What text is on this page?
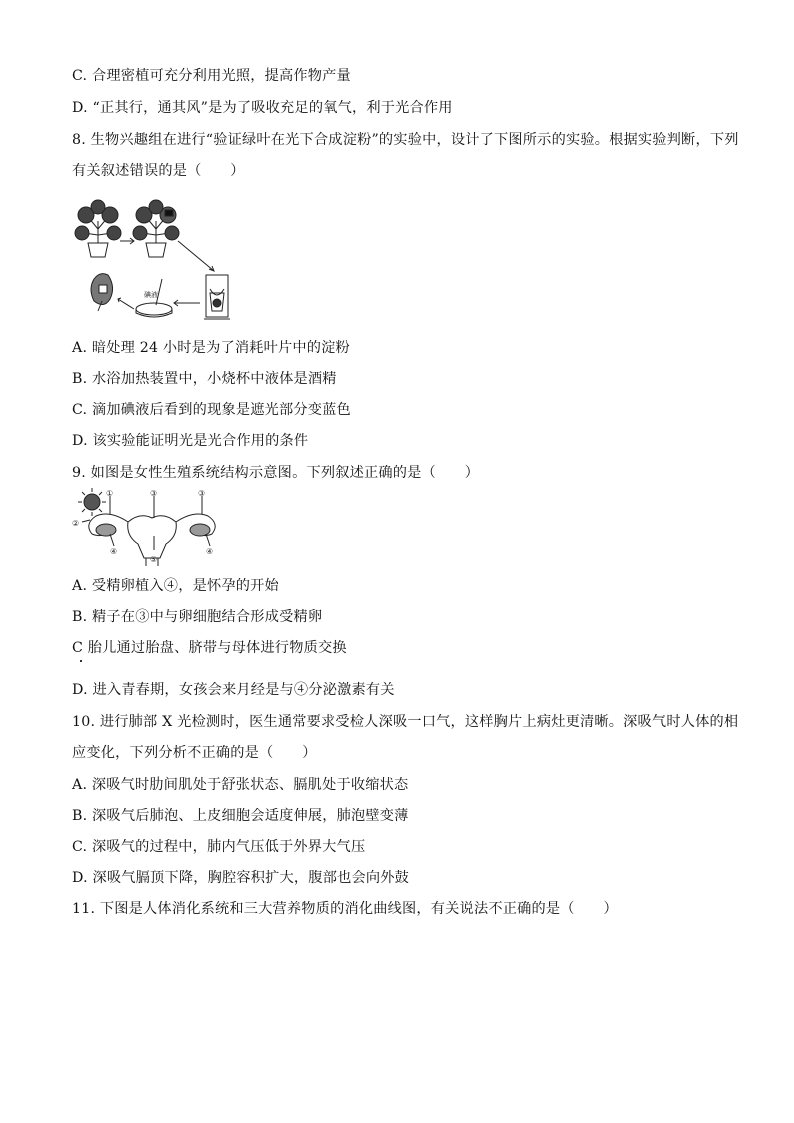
C. 合理密植可充分利用光照，提高作物产量
D. “正其行，通其风”是为了吸收充足的氧气，利于光合作用
8. 生物兴趣组在进行“验证绿叶在光下合成淀粉”的实验中，设计了下图所示的实验。根据实验判断，下列
有关叙述错误的是（　　）
碘液
A. 暗处理 24 小时是为了消耗叶片中的淀粉
B. 水浴加热装置中，小烧杯中液体是酒精
C. 滴加碘液后看到的现象是遮光部分变蓝色
D. 该实验能证明光是光合作用的条件
9. 如图是女性生殖系统结构示意图。下列叙述正确的是（　　）
①
②
③
④
⑤
③
④
A. 受精卵植入④，是怀孕的开始
B. 精子在③中与卵细胞结合形成受精卵
C 胎儿通过胎盘、脐带与母体进行物质交换
D. 进入青春期，女孩会来月经是与④分泌激素有关
10. 进行肺部 X 光检测时，医生通常要求受检人深吸一口气，这样胸片上病灶更清晰。深吸气时人体的相
应变化，下列分析不正确的是（　　）
A. 深吸气时肋间肌处于舒张状态、膈肌处于收缩状态
B. 深吸气后肺泡、上皮细胞会适度伸展，肺泡壁变薄
C. 深吸气的过程中，肺内气压低于外界大气压
D. 深吸气膈顶下降，胸腔容积扩大，腹部也会向外鼓
11. 下图是人体消化系统和三大营养物质的消化曲线图，有关说法不正确的是（　　）
